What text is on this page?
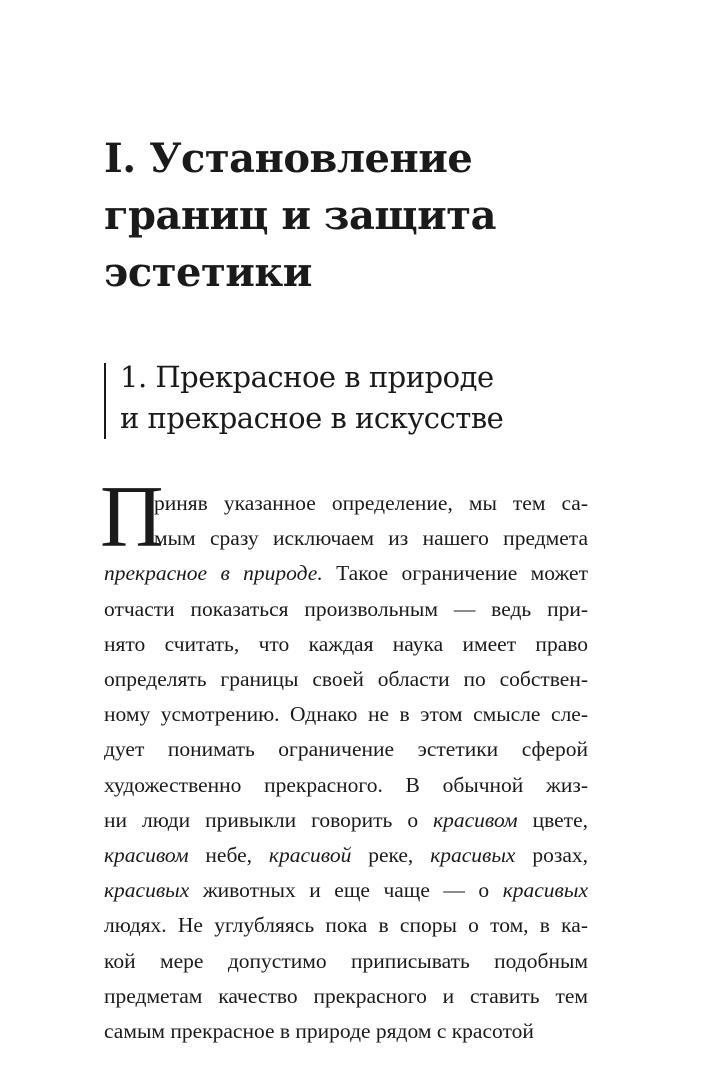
I. Установление
границ и защита
эстетики
1. Прекрасное в природе
и прекрасное в искусстве
П
риняв указанное определение, мы тем са-
мым сразу исключаем из нашего предмета
прекрасное в природе. Такое ограничение может
отчасти показаться произвольным — ведь при-
нято считать, что каждая наука имеет право
определять границы своей области по собствен-
ному усмотрению. Однако не в этом смысле сле-
дует понимать ограничение эстетики сферой
художественно прекрасного. В обычной жиз-
ни люди привыкли говорить о красивом цвете,
красивом небе, красивой реке, красивых розах,
красивых животных и еще чаще — о красивых
людях. Не углубляясь пока в споры о том, в ка-
кой мере допустимо приписывать подобным
предметам качество прекрасного и ставить тем
самым прекрасное в природе рядом с красотой
